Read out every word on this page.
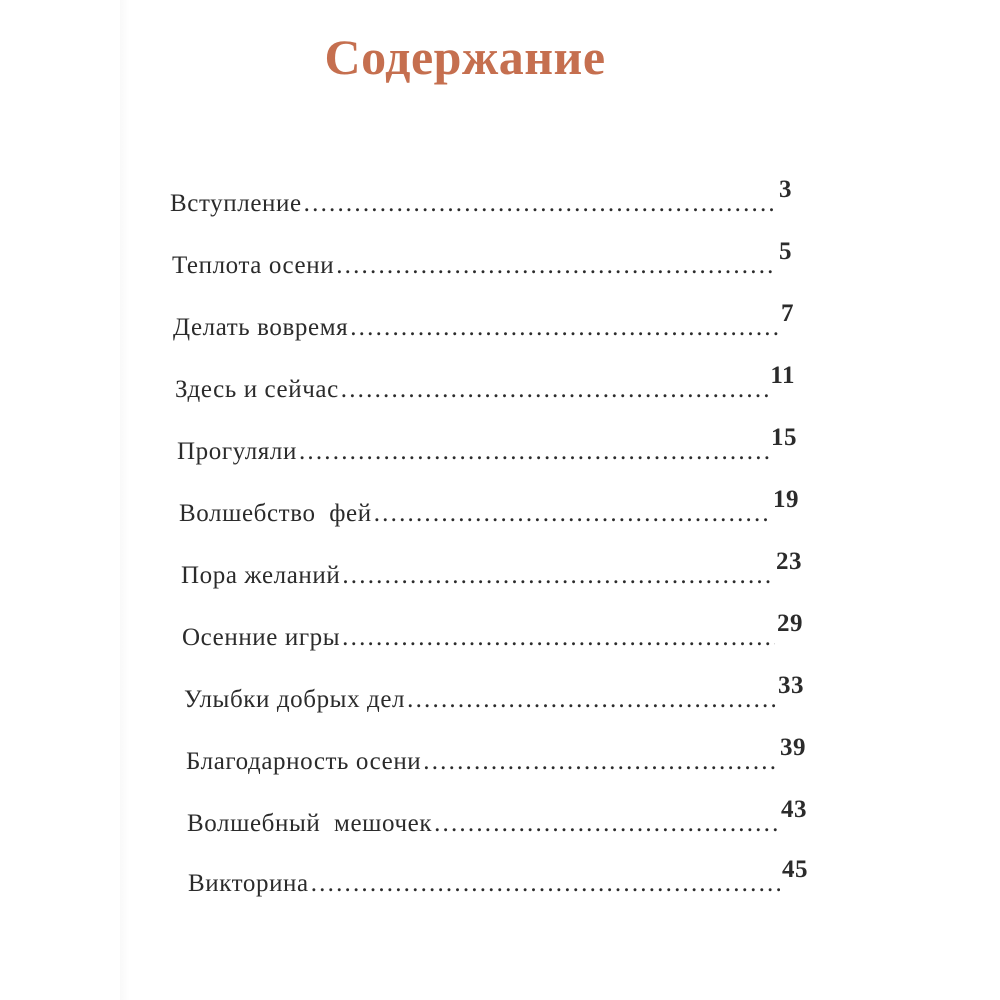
Содержание
Вступление
.....
3
Теплота осени
.....
5
Делать вовремя
.....
7
Здесь и сейчас
.....
11
Прогуляли
.....
15
Волшебство  фей
.....
19
Пора желаний
.....
23
Осенние игры
.....
29
Улыбки добрых дел
.....
33
Благодарность осени
.....
39
Волшебный  мешочек
.....
43
Викторина
.....
45
